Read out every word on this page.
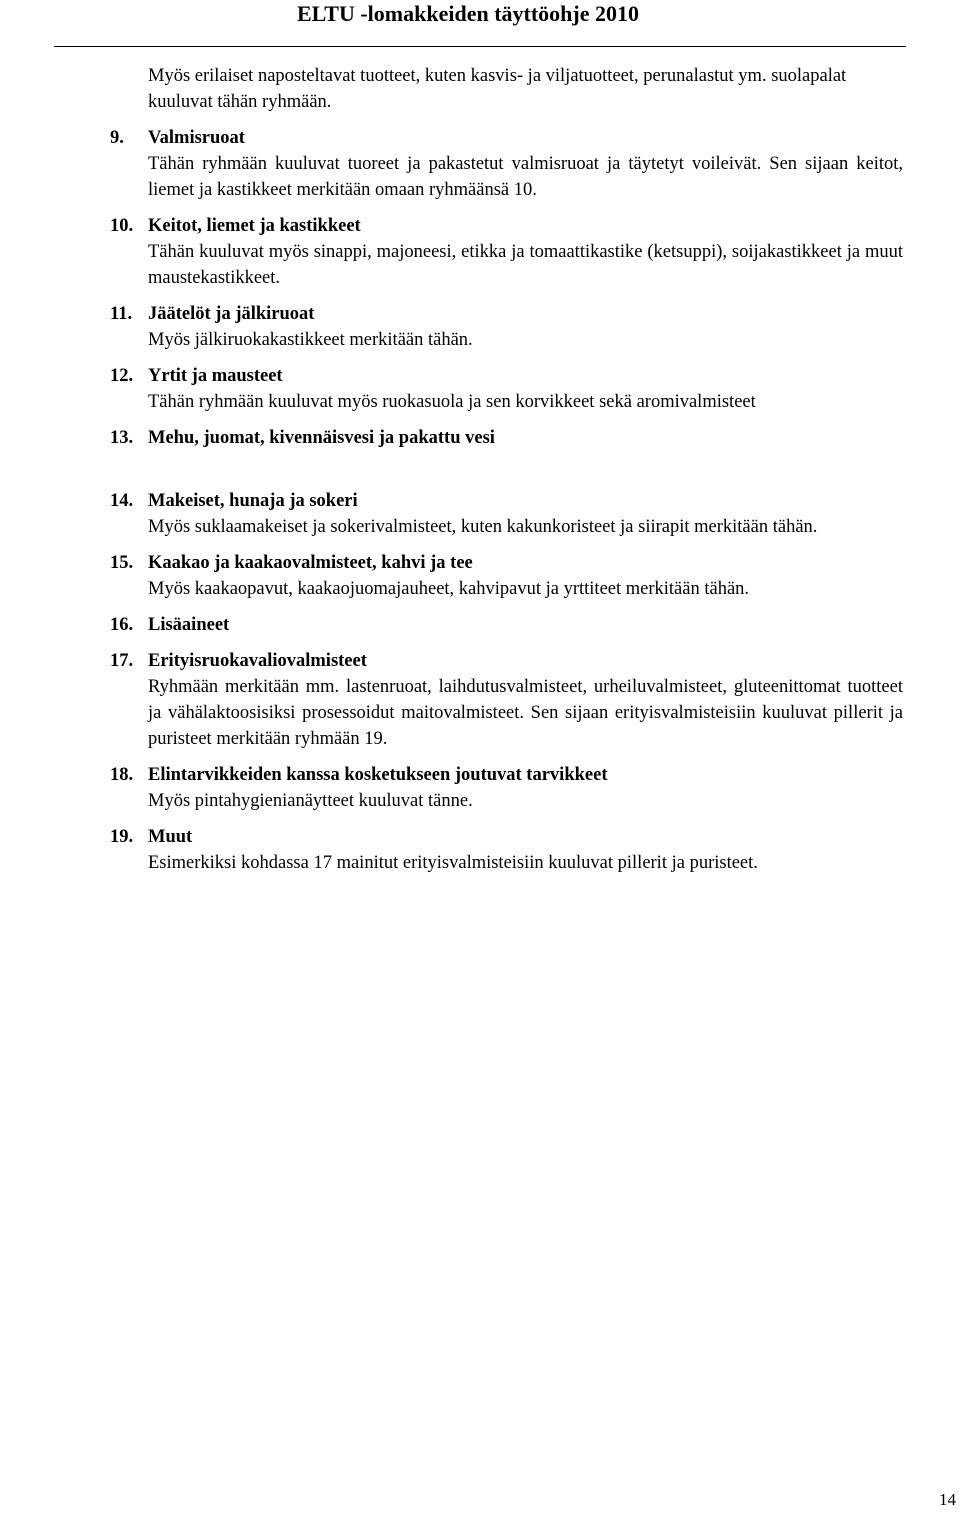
ELTU -lomakkeiden täyttöohje 2010
Myös erilaiset naposteltavat tuotteet, kuten kasvis- ja viljatuotteet, perunalastut ym. suolapalat kuuluvat tähän ryhmään.
9.	Valmisruoat
Tähän ryhmään kuuluvat tuoreet ja pakastetut valmisruoat ja täytetyt voileivät. Sen sijaan keitot, liemet ja kastikkeet merkitään omaan ryhmäänsä 10.
10. Keitot, liemet ja kastikkeet
Tähän kuuluvat myös sinappi, majoneesi, etikka ja tomaattikastike (ketsuppi), soijakastikkeet ja muut maustekastikkeet.
11. Jäätelöt ja jälkiruoat
Myös jälkiruokakastikkeet merkitään tähän.
12. Yrtit ja mausteet
Tähän ryhmään kuuluvat myös ruokasuola ja sen korvikkeet sekä aromivalmisteet
13. Mehu, juomat, kivennäisvesi ja pakattu vesi
14. Makeiset, hunaja ja sokeri
Myös suklaamakeiset ja sokerivalmisteet, kuten kakunkoristeet ja siirapit merkitään tähän.
15. Kaakao ja kaakaovalmisteet, kahvi ja tee
Myös kaakaopavut, kaakaojuomajauheet, kahvipavut ja yrttiteet merkitään tähän.
16. Lisäaineet
17. Erityisruokavaliovalmisteet
Ryhmään merkitään mm. lastenruoat, laihdutusvalmisteet, urheiluvalmisteet, gluteenittomat tuotteet ja vähälaktoosisiksi prosessoidut maitovalmisteet. Sen sijaan erityisvalmisteisiin kuuluvat pillerit ja puristeet merkitään ryhmään 19.
18. Elintarvikkeiden kanssa kosketukseen joutuvat tarvikkeet
Myös pintahygienianäytteet kuuluvat tänne.
19. Muut
Esimerkiksi kohdassa 17 mainitut erityisvalmisteisiin kuuluvat pillerit ja puristeet.
14
